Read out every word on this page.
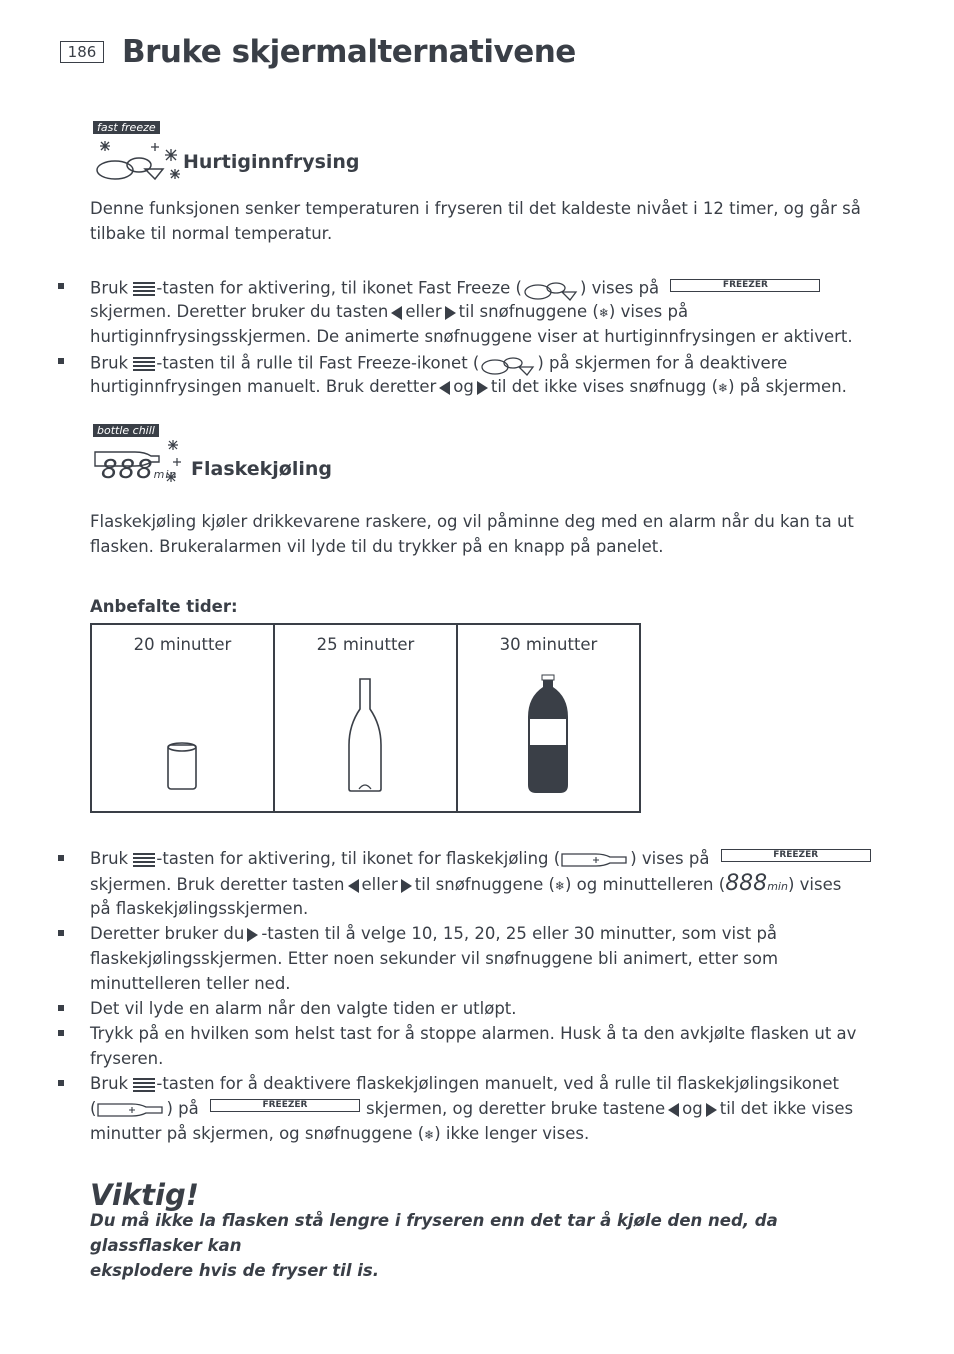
186 Bruke skjermalternativene
fast freeze
Hurtiginnfrysing
Denne funksjonen senker temperaturen i fryseren til det kaldeste nivået i 12 timer, og går så
tilbake til normal temperatur.
Bruk -tasten for aktivering, til ikonet Fast Freeze (	) vises på	FREEZER
skjermen. Deretter bruker du tasten eller til snøfnuggene (❄) vises på
hurtiginnfrysingsskjermen. De animerte snøfnuggene viser at hurtiginnfrysingen er aktivert.
Bruk -tasten til å rulle til Fast Freeze-ikonet (	) på skjermen for å deaktivere
hurtiginnfrysingen manuelt. Bruk deretter og til det ikke vises snøfnugg (❄) på skjermen.
bottle chill
888min Flaskekjøling
Flaskekjøling kjøler drikkevarene raskere, og vil påminne deg med en alarm når du kan ta ut
flasken. Brukeralarmen vil lyde til du trykker på en knapp på panelet.
Anbefalte tider:
20 minutter	25 minutter	30 minutter
Bruk -tasten for aktivering, til ikonet for flaskekjøling (	) vises på	FREEZER
skjermen. Bruk deretter tasten eller til snøfnuggene (❄) og minuttelleren (888min) vises
på flaskekjølingsskjermen.
Deretter bruker du -tasten til å velge 10, 15, 20, 25 eller 30 minutter, som vist på
flaskekjølingsskjermen. Etter noen sekunder vil snøfnuggene bli animert, etter som
minuttelleren teller ned.
Det vil lyde en alarm når den valgte tiden er utløpt.
Trykk på en hvilken som helst tast for å stoppe alarmen. Husk å ta den avkjølte flasken ut av
fryseren.
Bruk -tasten for å deaktivere flaskekjølingen manuelt, ved å rulle til flaskekjølingsikonet
(	) på	FREEZER	skjermen, og deretter bruke tastene og til det ikke vises
minutter på skjermen, og snøfnuggene (❄) ikke lenger vises.
Viktig!
Du må ikke la flasken stå lengre i fryseren enn det tar å kjøle den ned, da glassflasker kan
eksplodere hvis de fryser til is.
